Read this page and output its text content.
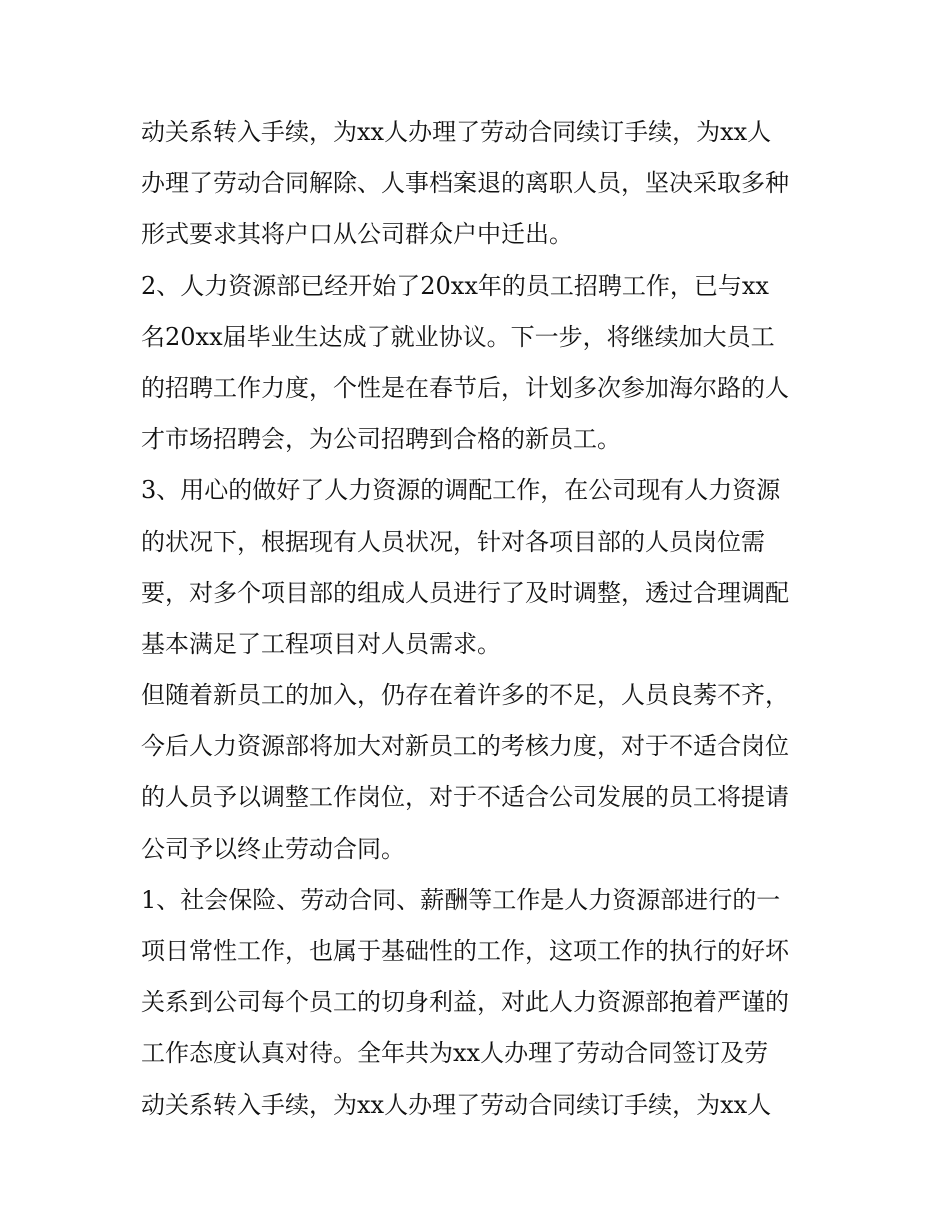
动关系转入手续，为xx人办理了劳动合同续订手续，为xx人
办理了劳动合同解除、人事档案退的离职人员，坚决采取多种
形式要求其将户口从公司群众户中迁出。
2、人力资源部已经开始了20xx年的员工招聘工作，已与xx
名20xx届毕业生达成了就业协议。下一步，将继续加大员工
的招聘工作力度，个性是在春节后，计划多次参加海尔路的人
才市场招聘会，为公司招聘到合格的新员工。
3、用心的做好了人力资源的调配工作，在公司现有人力资源
的状况下，根据现有人员状况，针对各项目部的人员岗位需
要，对多个项目部的组成人员进行了及时调整，透过合理调配
基本满足了工程项目对人员需求。
但随着新员工的加入，仍存在着许多的不足，人员良莠不齐，
今后人力资源部将加大对新员工的考核力度，对于不适合岗位
的人员予以调整工作岗位，对于不适合公司发展的员工将提请
公司予以终止劳动合同。
1、社会保险、劳动合同、薪酬等工作是人力资源部进行的一
项日常性工作，也属于基础性的工作，这项工作的执行的好坏
关系到公司每个员工的切身利益，对此人力资源部抱着严谨的
工作态度认真对待。全年共为xx人办理了劳动合同签订及劳
动关系转入手续，为xx人办理了劳动合同续订手续，为xx人
